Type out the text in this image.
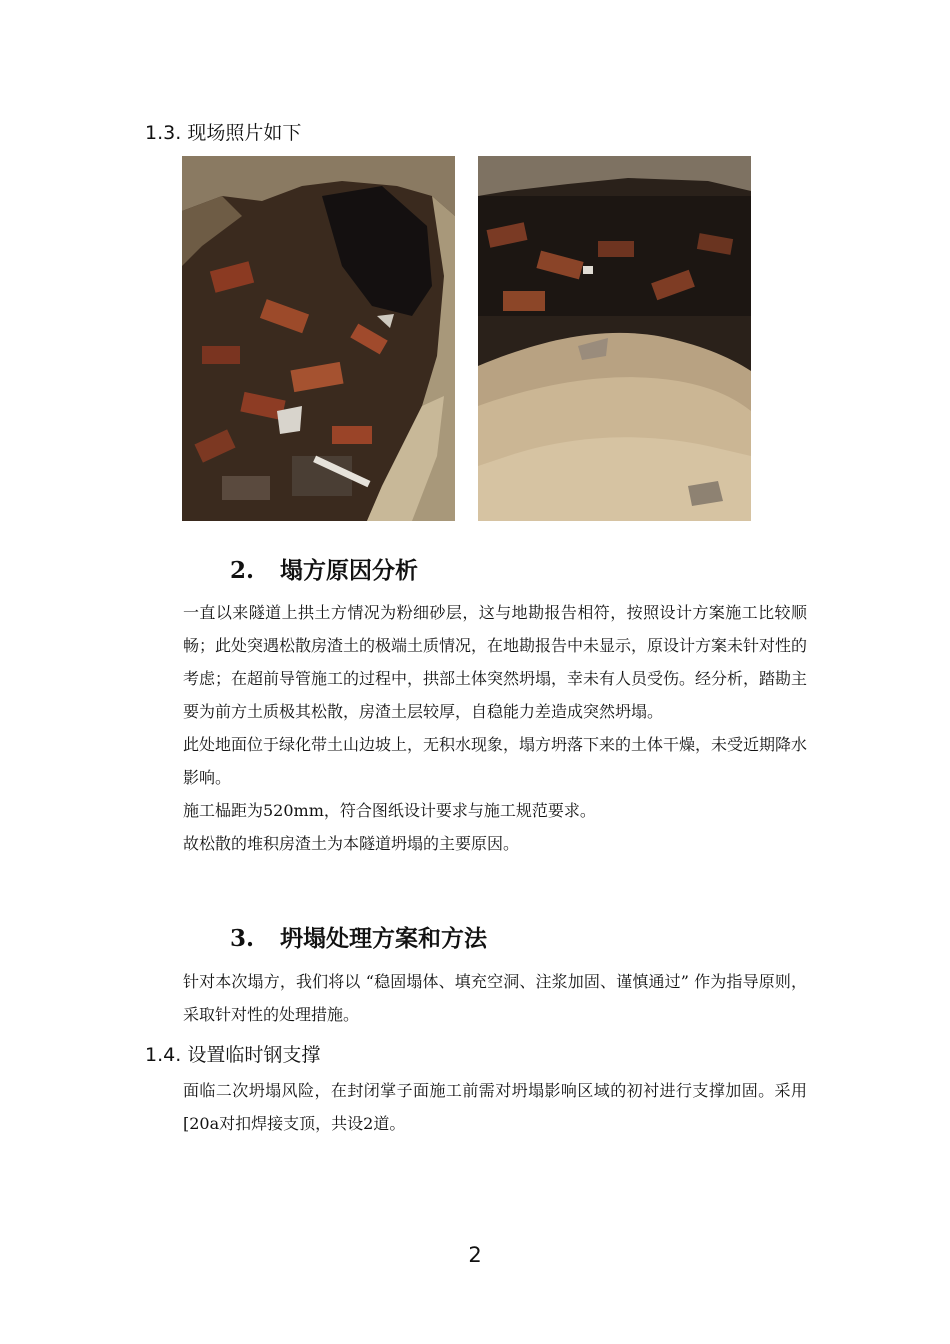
1.3. 现场照片如下
2. 塌方原因分析
一直以来隧道上拱土方情况为粉细砂层，这与地勘报告相符，按照设计方案施工比较顺畅；此处突遇松散房渣土的极端土质情况，在地勘报告中未显示，原设计方案未针对性的考虑；在超前导管施工的过程中，拱部土体突然坍塌，幸未有人员受伤。经分析，踏勘主要为前方土质极其松散，房渣土层较厚，自稳能力差造成突然坍塌。
此处地面位于绿化带土山边坡上，无积水现象，塌方坍落下来的土体干燥，未受近期降水影响。
施工榀距为520mm，符合图纸设计要求与施工规范要求。
故松散的堆积房渣土为本隧道坍塌的主要原因。
3. 坍塌处理方案和方法
针对本次塌方，我们将以 “稳固塌体、填充空洞、注浆加固、谨慎通过” 作为指导原则，采取针对性的处理措施。
1.4. 设置临时钢支撑
面临二次坍塌风险，在封闭掌子面施工前需对坍塌影响区域的初衬进行支撑加固。采用[20a对扣焊接支顶，共设2道。
2
